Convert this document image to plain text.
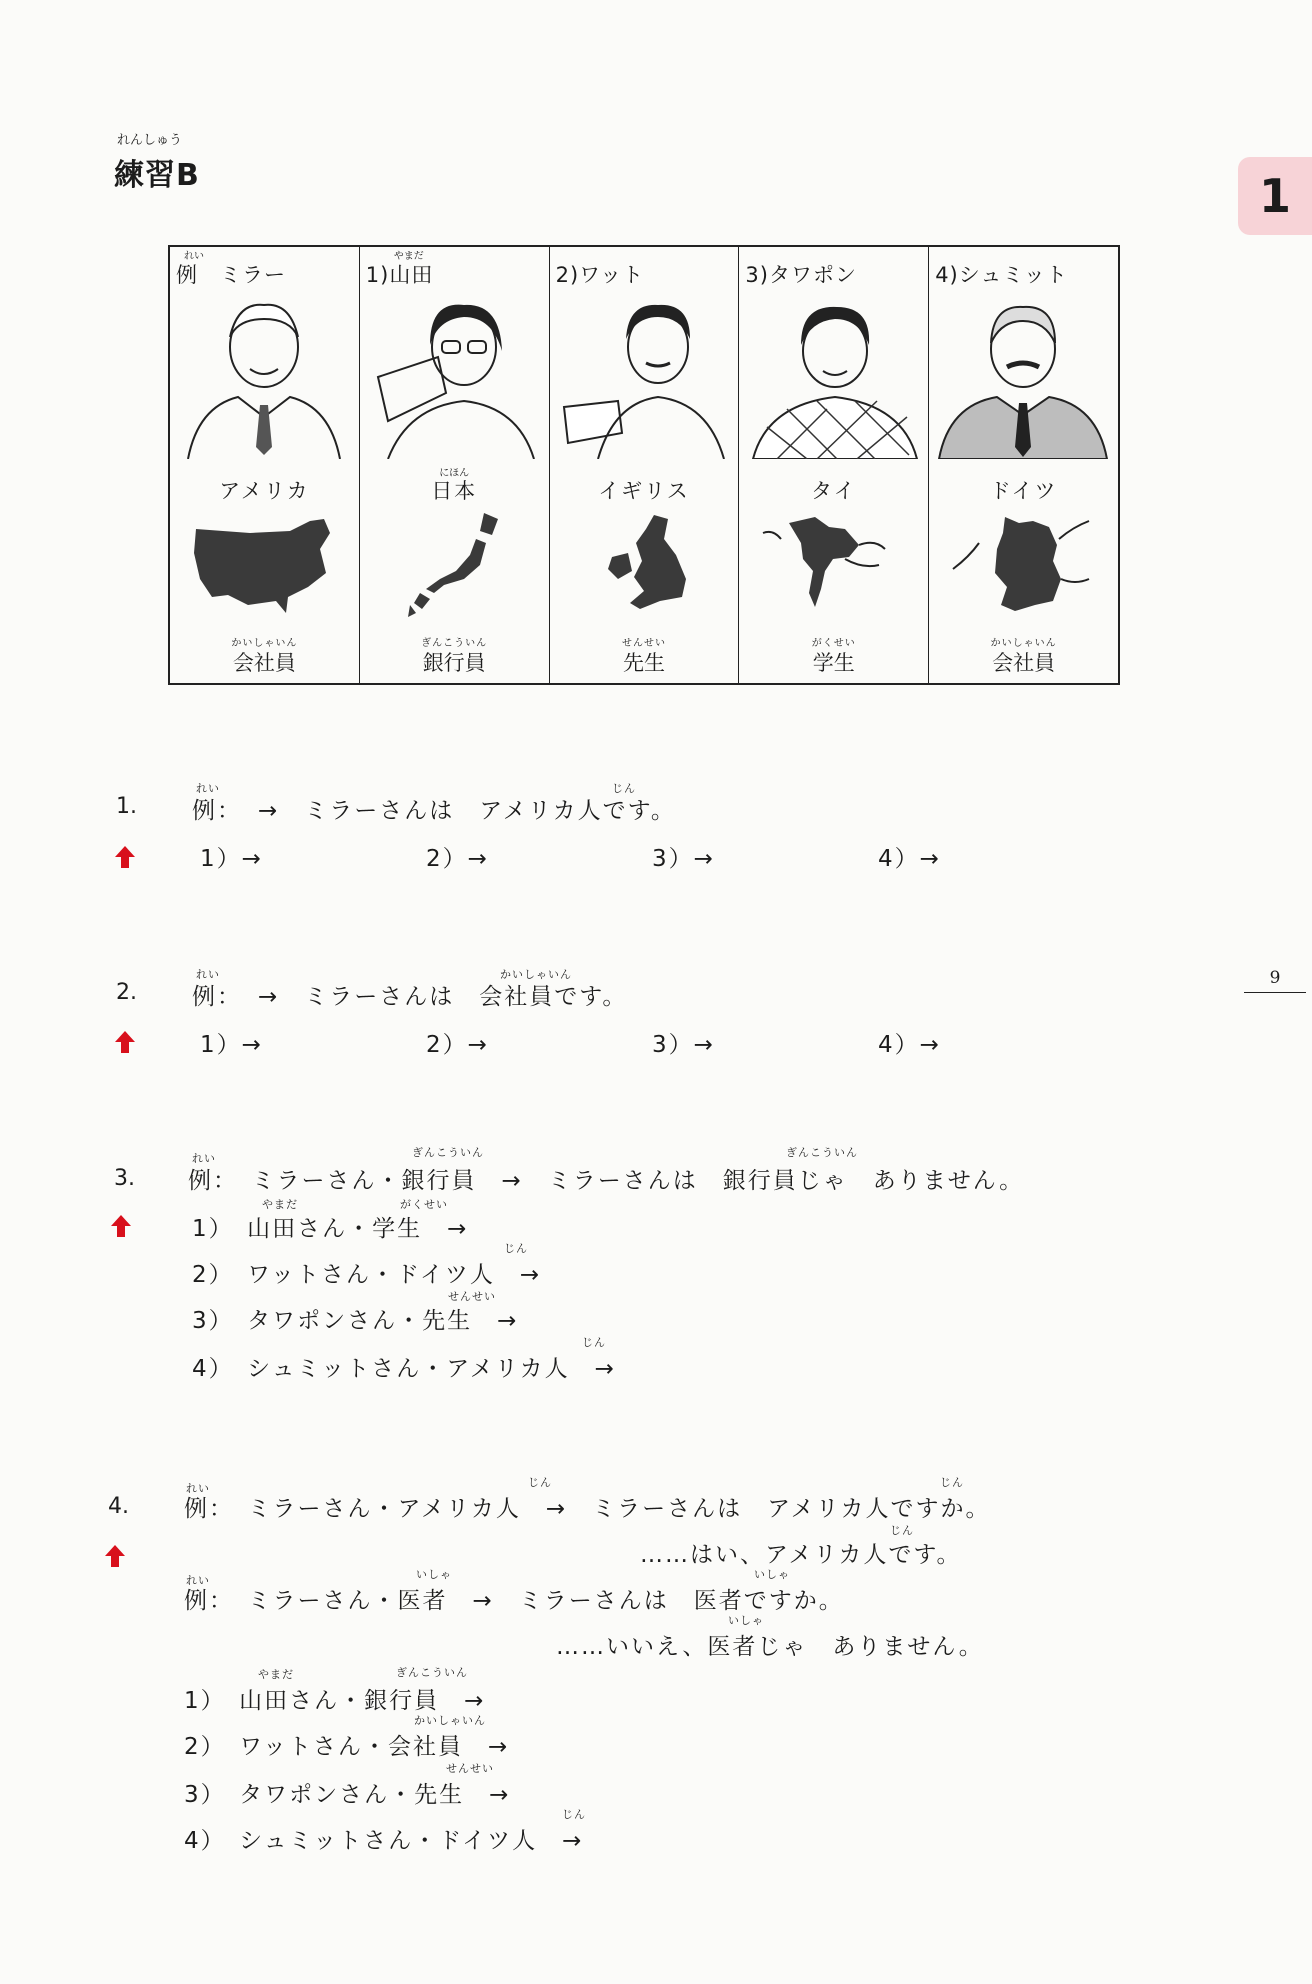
れんしゅう
練習B	1
9
れい
例　ミラー
アメリカ
かいしゃいん
会社員
やまだ
1)山田
にほん
日本
ぎんこういん
銀行員
2)ワット
イギリス
せんせい
先生
3)タワポン
タイ
がくせい
学生
4)シュミット
ドイツ
かいしゃいん
会社員
1.
れい
例：
じん
→　ミラーさんは　アメリカ人です。
1）→	2）→	3）→	4）→
2.
れい
例：
かいしゃいん
→　ミラーさんは　会社員です。
1）→	2）→	3）→	4）→
3.
れい	ぎんこういん	ぎんこういん
例：　ミラーさん・銀行員　→　ミラーさんは　銀行員じゃ　ありません。
やまだ	がくせい
1）　山田さん・学生　→
じん
2）　ワットさん・ドイツ人　→
せんせい
3）　タワポンさん・先生　→
じん
4）　シュミットさん・アメリカ人　→
4.
れい	じん	じん
例：　ミラーさん・アメリカ人　→　ミラーさんは　アメリカ人ですか。
じん
……はい、アメリカ人です。
れい	いしゃ	いしゃ
例：　ミラーさん・医者　→　ミラーさんは　医者ですか。
いしゃ
……いいえ、医者じゃ　ありません。
やまだ	ぎんこういん
1）　山田さん・銀行員　→
かいしゃいん
2）　ワットさん・会社員　→
せんせい
3）　タワポンさん・先生　→
じん
4）　シュミットさん・ドイツ人　→
